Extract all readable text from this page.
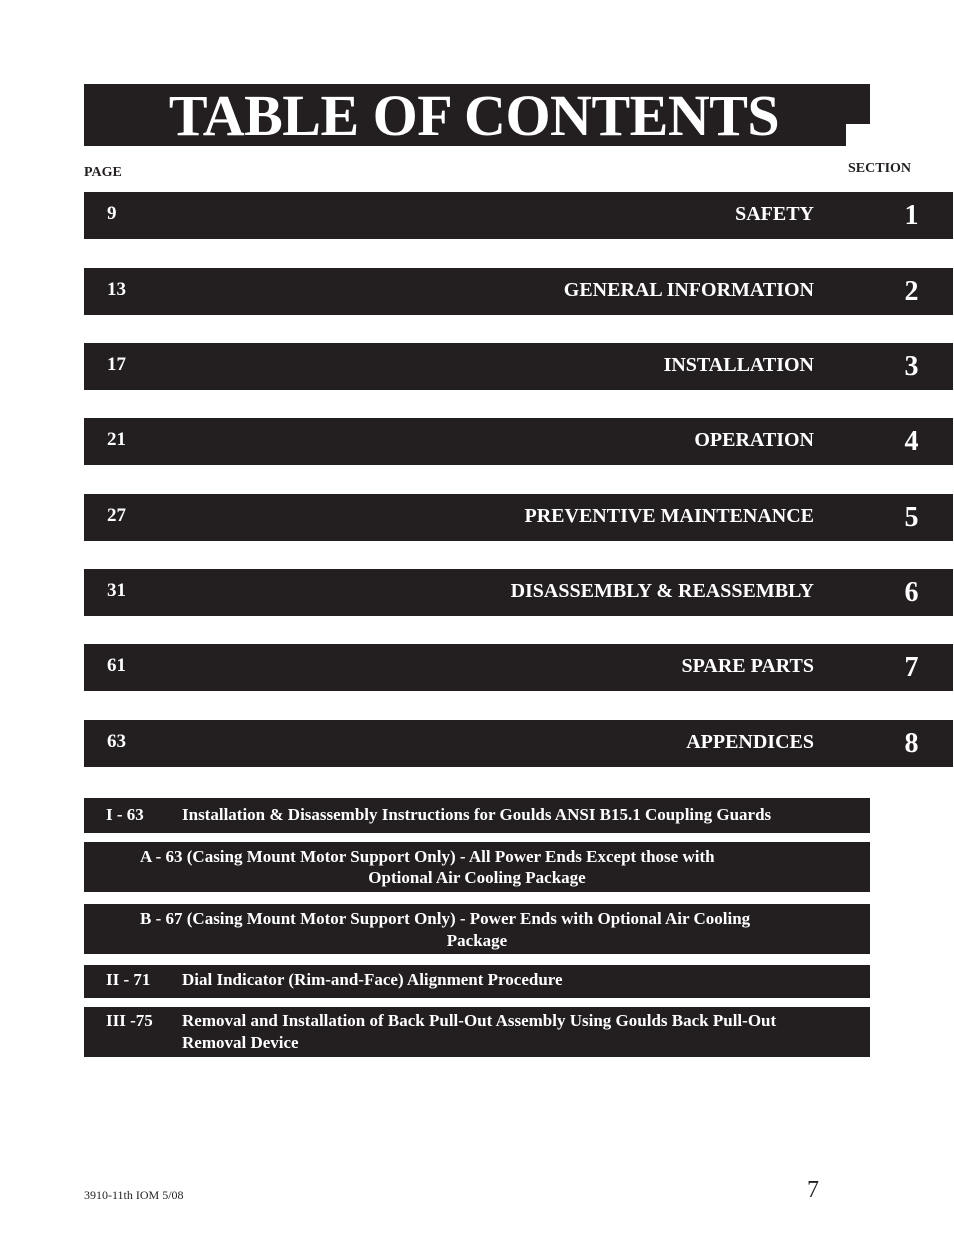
TABLE OF CONTENTS
PAGE	SECTION
9	SAFETY	1
13	GENERAL INFORMATION	2
17	INSTALLATION	3
21	OPERATION	4
27	PREVENTIVE MAINTENANCE	5
31	DISASSEMBLY & REASSEMBLY	6
61	SPARE PARTS	7
63	APPENDICES	8
I - 63 Installation & Disassembly Instructions for Goulds ANSI B15.1 Coupling Guards
A - 63 (Casing Mount Motor Support Only) - All Power Ends Except those with
Optional Air Cooling Package
B - 67 (Casing Mount Motor Support Only) - Power Ends with Optional Air Cooling
Package
II - 71 Dial Indicator (Rim-and-Face) Alignment Procedure
III -75 Removal and Installation of Back Pull-Out Assembly Using Goulds Back Pull-Out
Removal Device
3910-11th IOM 5/08	7
